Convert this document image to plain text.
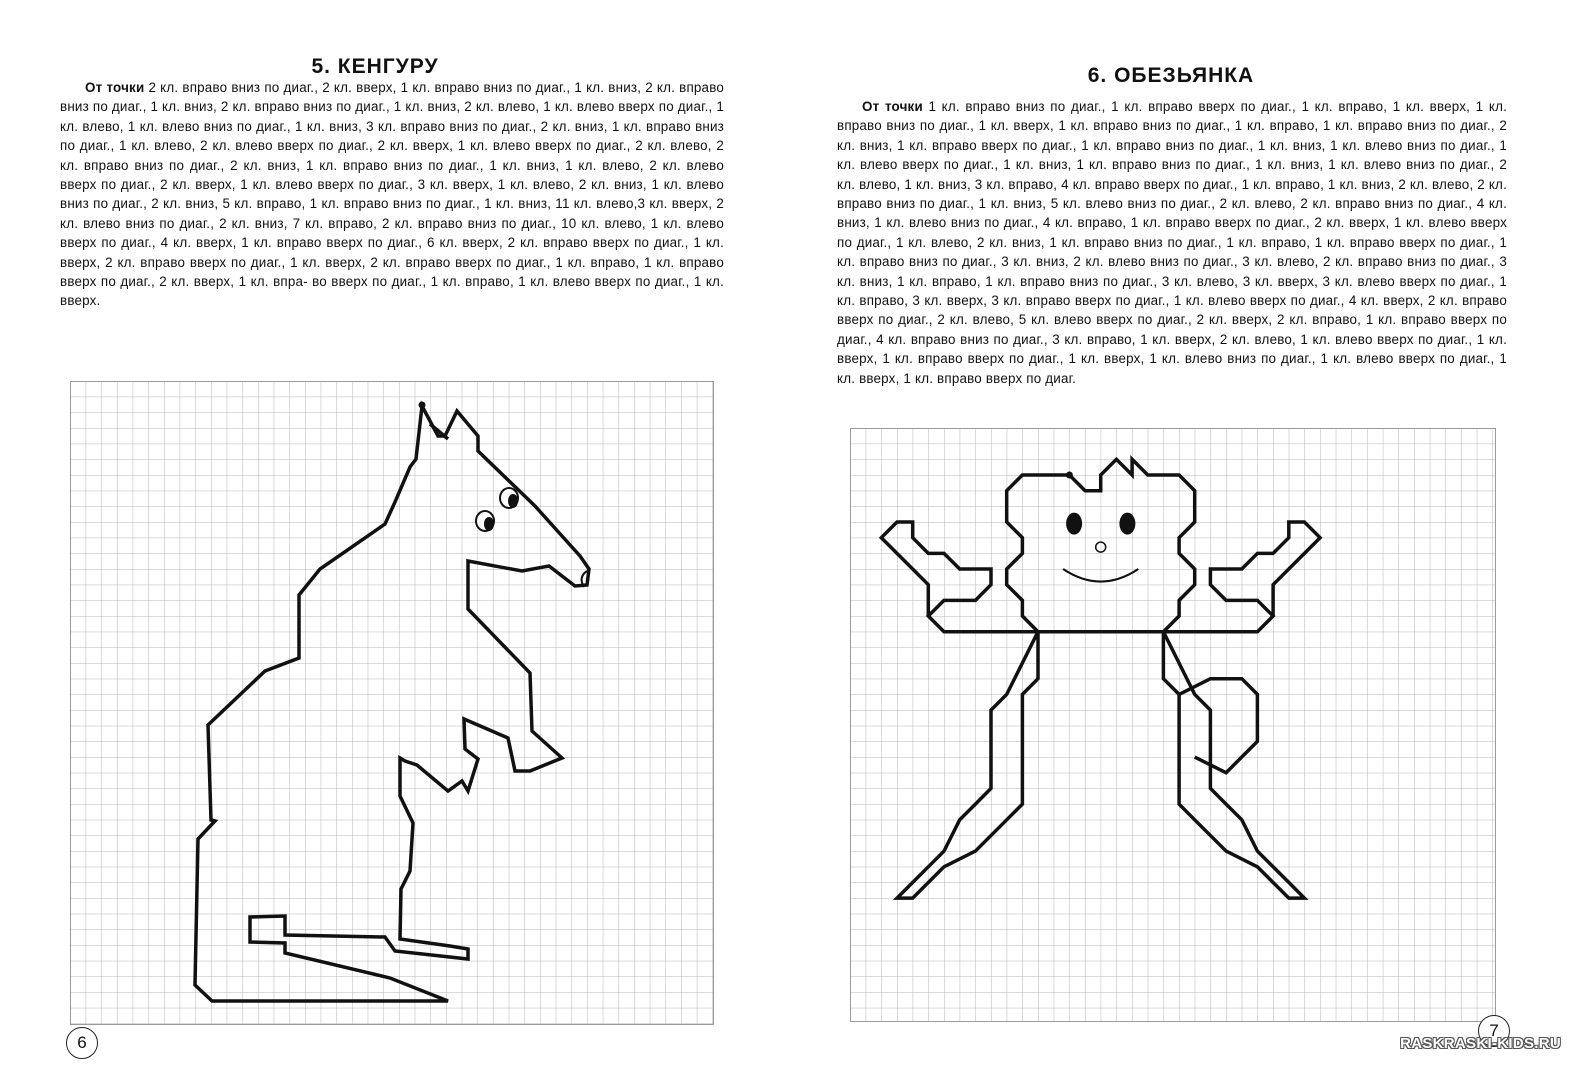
5. КЕНГУРУ

От точки 2 кл. вправо вниз по диаг., 2 кл. вверх, 1 кл. вправо вниз по диаг., 1 кл. вниз, 2 кл. вправо вниз по диаг., 1 кл. вниз, 2 кл. вправо вниз по диаг., 1 кл. вниз, 2 кл. влево, 1 кл. влево вверх по диаг., 1 кл. влево, 1 кл. влево вниз по диаг., 1 кл. вниз, 3 кл. вправо вниз по диаг., 2 кл. вниз, 1 кл. вправо вниз по диаг., 1 кл. влево, 2 кл. влево вверх по диаг., 2 кл. вверх, 1 кл. влево вверх по диаг., 2 кл. влево, 2 кл. вправо вниз по диаг., 2 кл. вниз, 1 кл. вправо вниз по диаг., 1 кл. вниз, 1 кл. влево, 2 кл. влево вверх по диаг., 2 кл. вверх, 1 кл. влево вверх по диаг., 3 кл. вверх, 1 кл. влево, 2 кл. вниз, 1 кл. влево вниз по диаг., 2 кл. вниз, 5 кл. вправо, 1 кл. вправо вниз по диаг., 1 кл. вниз, 11 кл. влево,3 кл. вверх, 2 кл. влево вниз по диаг., 2 кл. вниз, 7 кл. вправо, 2 кл. вправо вниз по диаг., 10 кл. влево, 1 кл. влево вверх по диаг., 4 кл. вверх, 1 кл. вправо вверх по диаг., 6 кл. вверх, 2 кл. вправо вверх по диаг., 1 кл. вверх, 2 кл. вправо вверх по диаг., 1 кл. вверх, 2 кл. вправо вверх по диаг., 1 кл. вправо, 1 кл. вправо вверх по диаг., 2 кл. вверх, 1 кл. впра- во вверх по диаг., 1 кл. вправо, 1 кл. влево вверх по диаг., 1 кл. вверх.

6
6. ОБЕЗЬЯНКА

От точки 1 кл. вправо вниз по диаг., 1 кл. вправо вверх по диаг., 1 кл. вправо, 1 кл. вверх, 1 кл. вправо вниз по диаг., 1 кл. вверх, 1 кл. вправо вниз по диаг., 1 кл. вправо, 1 кл. вправо вниз по диаг., 2 кл. вниз, 1 кл. вправо вверх по диаг., 1 кл. вправо вниз по диаг., 1 кл. вниз, 1 кл. влево вниз по диаг., 1 кл. влево вверх по диаг., 1 кл. вниз, 1 кл. вправо вниз по диаг., 1 кл. вниз, 1 кл. влево вниз по диаг., 2 кл. влево, 1 кл. вниз, 3 кл. вправо, 4 кл. вправо вверх по диаг., 1 кл. вправо, 1 кл. вниз, 2 кл. влево, 2 кл. вправо вниз по диаг., 1 кл. вниз, 5 кл. влево вниз по диаг., 2 кл. влево, 2 кл. вправо вниз по диаг., 4 кл. вниз, 1 кл. влево вниз по диаг., 4 кл. вправо, 1 кл. вправо вверх по диаг., 2 кл. вверх, 1 кл. влево вверх по диаг., 1 кл. влево, 2 кл. вниз, 1 кл. вправо вниз по диаг., 1 кл. вправо, 1 кл. вправо вверх по диаг., 1 кл. вправо вниз по диаг., 3 кл. вниз, 2 кл. влево вниз по диаг., 3 кл. влево, 2 кл. вправо вниз по диаг., 3 кл. вниз, 1 кл. вправо, 1 кл. вправо вниз по диаг., 3 кл. влево, 3 кл. вверх, 3 кл. влево вверх по диаг., 1 кл. вправо, 3 кл. вверх, 3 кл. вправо вверх по диаг., 1 кл. влево вверх по диаг., 4 кл. вверх, 2 кл. вправо вверх по диаг., 2 кл. влево, 5 кл. влево вверх по диаг., 2 кл. вверх, 2 кл. вправо, 1 кл. вправо вверх по диаг., 4 кл. вправо вниз по диаг., 3 кл. вправо, 1 кл. вверх, 2 кл. влево, 1 кл. влево вверх по диаг., 1 кл. вверх, 1 кл. вправо вверх по диаг., 1 кл. вверх, 1 кл. влево вниз по диаг., 1 кл. влево вверх по диаг., 1 кл. вверх, 1 кл. вправо вверх по диаг.

7
RASKRASKI-KIDS.RU
